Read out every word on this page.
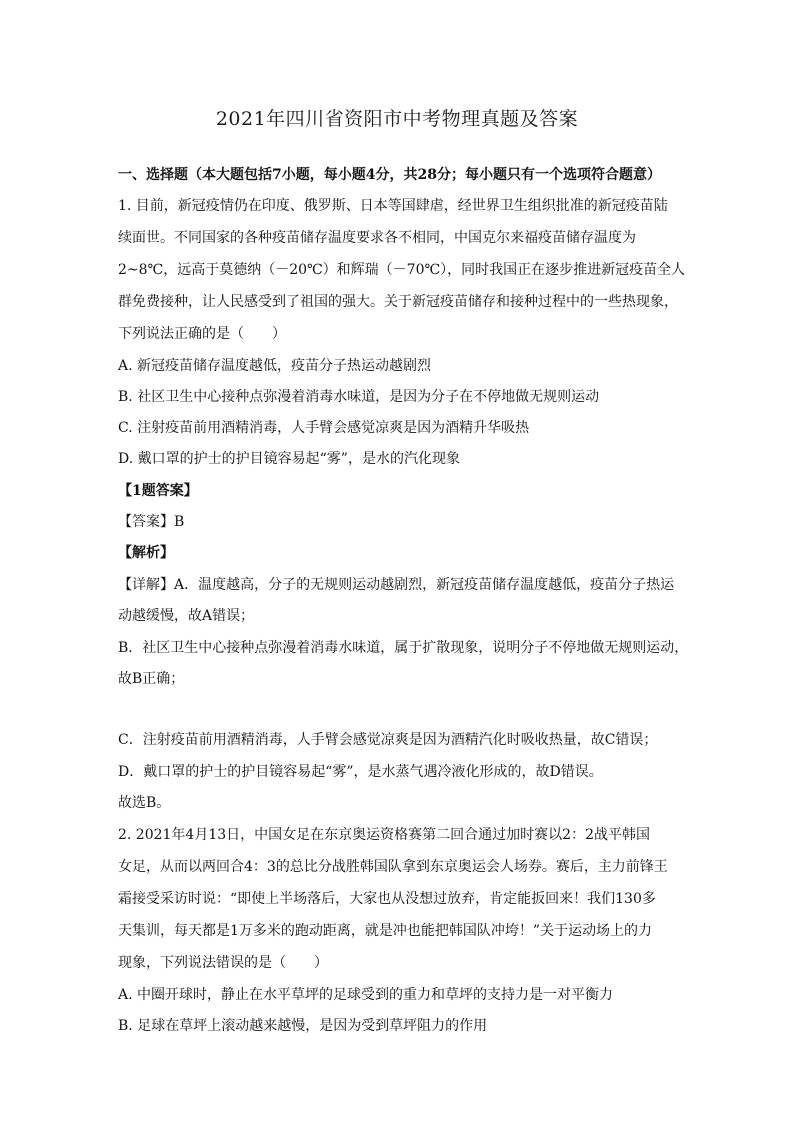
2021年四川省资阳市中考物理真题及答案
一、选择题（本大题包括7小题，每小题4分，共28分；每小题只有一个选项符合题意）
1. 目前，新冠疫情仍在印度、俄罗斯、日本等国肆虐，经世界卫生组织批准的新冠疫苗陆
续面世。不同国家的各种疫苗储存温度要求各不相同，中国克尔来福疫苗储存温度为
2~8℃，远高于莫德纳（－20℃）和辉瑞（－70℃），同时我国正在逐步推进新冠疫苗全人
群免费接种，让人民感受到了祖国的强大。关于新冠疫苗储存和接种过程中的一些热现象，
下列说法正确的是（　　）
A. 新冠疫苗储存温度越低，疫苗分子热运动越剧烈
B. 社区卫生中心接种点弥漫着消毒水味道，是因为分子在不停地做无规则运动
C. 注射疫苗前用酒精消毒，人手臂会感觉凉爽是因为酒精升华吸热
D. 戴口罩的护士的护目镜容易起“雾”，是水的汽化现象
【1题答案】
【答案】B
【解析】
【详解】A．温度越高，分子的无规则运动越剧烈，新冠疫苗储存温度越低，疫苗分子热运
动越缓慢，故A错误；
B．社区卫生中心接种点弥漫着消毒水味道，属于扩散现象，说明分子不停地做无规则运动，
故B正确；
C．注射疫苗前用酒精消毒，人手臂会感觉凉爽是因为酒精汽化时吸收热量，故C错误；
D．戴口罩的护士的护目镜容易起“雾”，是水蒸气遇冷液化形成的，故D错误。
故选B。
2. 2021年4月13日，中国女足在东京奥运资格赛第二回合通过加时赛以2：2战平韩国
女足，从而以两回合4：3的总比分战胜韩国队拿到东京奥运会人场券。赛后，主力前锋王
霜接受采访时说：“即使上半场落后，大家也从没想过放弃，肯定能扳回来！我们130多
天集训，每天都是1万多米的跑动距离，就是冲也能把韩国队冲垮！”关于运动场上的力
现象，下列说法错误的是（　　）
A. 中圈开球时，静止在水平草坪的足球受到的重力和草坪的支持力是一对平衡力
B. 足球在草坪上滚动越来越慢，是因为受到草坪阻力的作用
